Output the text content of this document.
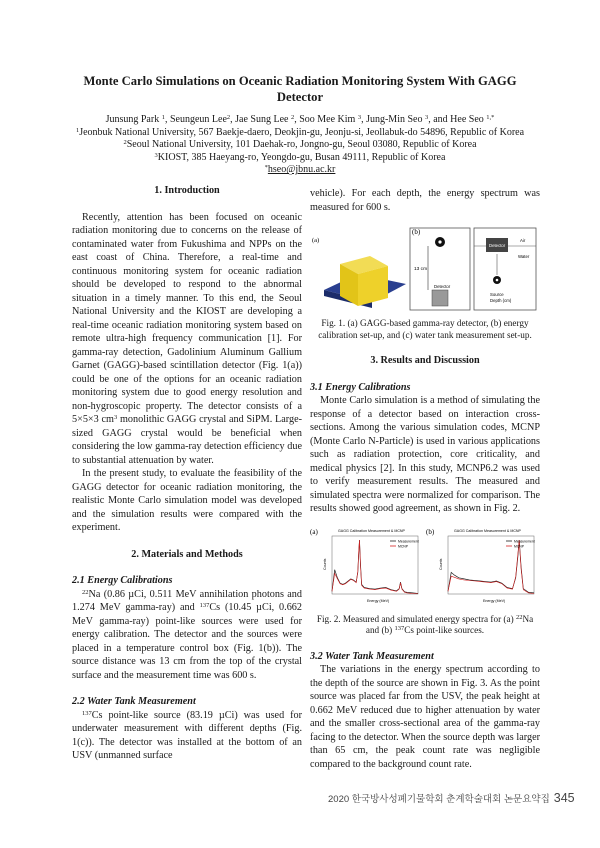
Monte Carlo Simulations on Oceanic Radiation Monitoring System With GAGG Detector
Junsung Park $^1$, Seungeun Lee$^2$, Jae Sung Lee $^2$, Soo Mee Kim $^3$, Jung-Min Seo $^3$, and Hee Seo $^{1,*}$
$^1$Jeonbuk National University, 567 Baekje-daero, Deokjin-gu, Jeonju-si, Jeollabuk-do 54896, Republic of Korea
$^2$Seoul National University, 101 Daehak-ro, Jongno-gu, Seoul 03080, Republic of Korea
$^3$KIOST, 385 Haeyang-ro, Yeongdo-gu, Busan 49111, Republic of Korea
*hseo@jbnu.ac.kr
1. Introduction

Recently, attention has been focused on oceanic radiation monitoring due to concerns on the release of contaminated water from Fukushima and NPPs on the east coast of China. Therefore, a real-time and continuous monitoring system for oceanic radiation should be developed to respond to the abnormal situation in a timely manner. To this end, the Seoul National University and the KIOST are developing a real-time oceanic radiation monitoring system based on remote ultra-high frequency communication [1]. For gamma-ray detection, Gadolinium Aluminum Gallium Garnet (GAGG)-based scintillation detector (Fig. 1(a)) could be one of the options for an oceanic radiation monitoring system due to good energy resolution and non-hygroscopic property. The detector consists of a 5×5×3 $cm^3$ monolithic GAGG crystal and SiPM. Large-sized GAGG crystal would be beneficial when considering the low gamma-ray detection efficiency due to substantial attenuation by water.

In the present study, to evaluate the feasibility of the GAGG detector for oceanic radiation monitoring, the realistic Monte Carlo simulation model was developed and the simulation results were compared with the experiment.

2. Materials and Methods
2.1 Energy Calibrations

$^{22}$Na (0.86 µCi, 0.511 MeV annihilation photons and 1.274 MeV gamma-ray) and $^{137}$Cs (10.45 µCi, 0.662 MeV gamma-ray) point-like sources were used for energy calibration. The detector and the sources were placed in a temperature control box (Fig. 1(b)). The source distance was 13 cm from the top of the crystal surface and the measurement time was 600 s.

2.2 Water Tank Measurement

$^{137}$Cs point-like source (83.19 µCi) was used for underwater measurement with different depths (Fig. 1(c)). The detector was installed at the bottom of an USV (unmanned surface

vehicle). For each depth, the energy spectrum was measured for 600 s.

(a)
(b)
13 cm
Detector
Detector
Air
Water
Source
Depth (cm)
Fig. 1. (a) GAGG-based gamma-ray detector, (b) energy calibration set-up, and (c) water tank measurement set-up.
3. Results and Discussion
3.1 Energy Calibrations

Monte Carlo simulation is a method of simulating the response of a detector based on interaction cross-sections. Among the various simulation codes, MCNP (Monte Carlo N-Particle) is used in various applications such as radiation protection, core criticality, and medical physics [2]. In this study, MCNP6.2 was used to verify measurement results. The measured and simulated spectra were normalized for comparison. The results showed good agreement, as shown in Fig. 2.

(a)	(b)
GAGG Calibration Measurement & MCNP	GAGG Calibration Measurement & MCNP
Measurement
MCNP
Energy (MeV)
Counts
Measurement
MCNP
Energy (MeV)
Counts
Fig. 2. Measured and simulated energy spectra for (a) $^{22}$Na and (b) $^{137}$Cs point-like sources.
3.2 Water Tank Measurement

The variations in the energy spectrum according to the depth of the source are shown in Fig. 3. As the point source was placed far from the USV, the peak height at 0.662 MeV reduced due to higher attenuation by water and the smaller cross-sectional area of the gamma-ray facing to the detector. When the source depth was larger than 65 cm, the peak count rate was negligible compared to the background count rate.

2020 한국방사성폐기물학회 춘계학술대회 논문요약집 345
